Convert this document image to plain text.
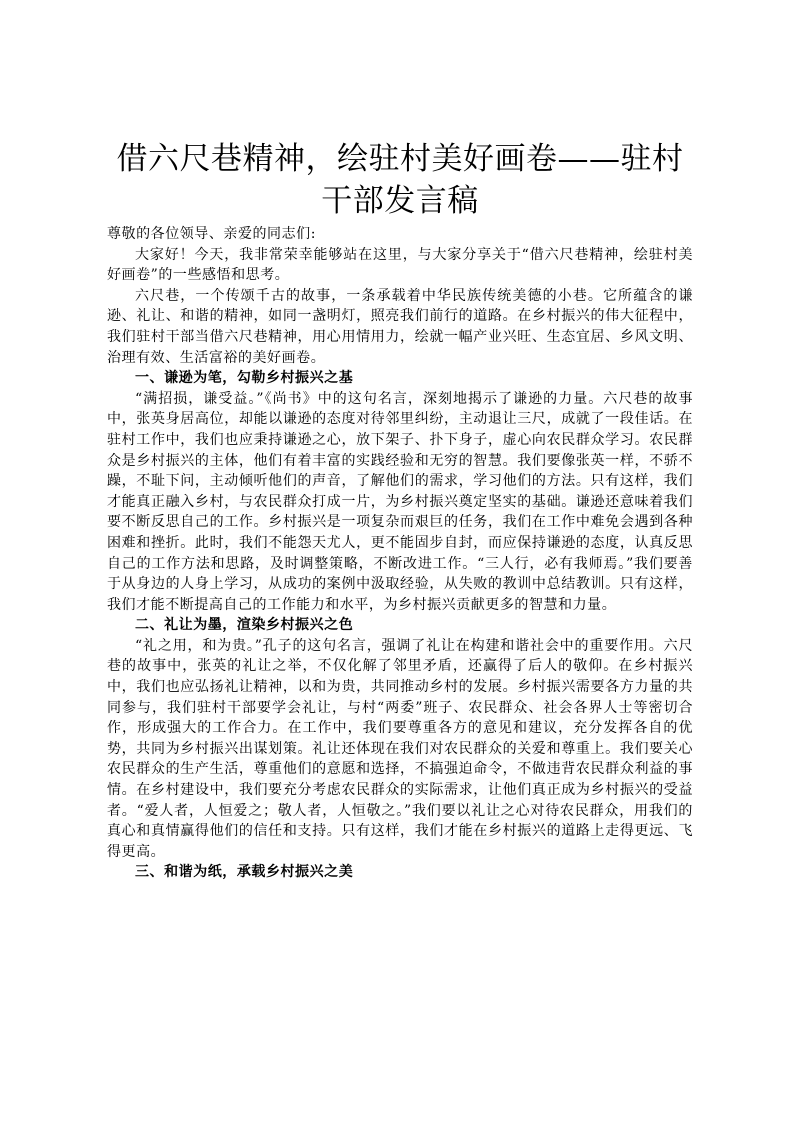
借六尺巷精神，绘驻村美好画卷——驻村干部发言稿

尊敬的各位领导、亲爱的同志们:

大家好！今天，我非常荣幸能够站在这里，与大家分享关于“借六尺巷精神，绘驻村美好画卷”的一些感悟和思考。

六尺巷，一个传颂千古的故事，一条承载着中华民族传统美德的小巷。它所蕴含的谦逊、礼让、和谐的精神，如同一盏明灯，照亮我们前行的道路。在乡村振兴的伟大征程中，我们驻村干部当借六尺巷精神，用心用情用力，绘就一幅产业兴旺、生态宜居、乡风文明、治理有效、生活富裕的美好画卷。

一、谦逊为笔，勾勒乡村振兴之基

“满招损，谦受益。”《尚书》中的这句名言，深刻地揭示了谦逊的力量。六尺巷的故事中，张英身居高位，却能以谦逊的态度对待邻里纠纷，主动退让三尺，成就了一段佳话。在驻村工作中，我们也应秉持谦逊之心，放下架子、扑下身子，虚心向农民群众学习。农民群众是乡村振兴的主体，他们有着丰富的实践经验和无穷的智慧。我们要像张英一样，不骄不躁，不耻下问，主动倾听他们的声音，了解他们的需求，学习他们的方法。只有这样，我们才能真正融入乡村，与农民群众打成一片，为乡村振兴奠定坚实的基础。谦逊还意味着我们要不断反思自己的工作。乡村振兴是一项复杂而艰巨的任务，我们在工作中难免会遇到各种困难和挫折。此时，我们不能怨天尤人，更不能固步自封，而应保持谦逊的态度，认真反思自己的工作方法和思路，及时调整策略，不断改进工作。“三人行，必有我师焉。”我们要善于从身边的人身上学习，从成功的案例中汲取经验，从失败的教训中总结教训。只有这样，我们才能不断提高自己的工作能力和水平，为乡村振兴贡献更多的智慧和力量。

二、礼让为墨，渲染乡村振兴之色

“礼之用，和为贵。”孔子的这句名言，强调了礼让在构建和谐社会中的重要作用。六尺巷的故事中，张英的礼让之举，不仅化解了邻里矛盾，还赢得了后人的敬仰。在乡村振兴中，我们也应弘扬礼让精神，以和为贵，共同推动乡村的发展。乡村振兴需要各方力量的共同参与，我们驻村干部要学会礼让，与村“两委”班子、农民群众、社会各界人士等密切合作，形成强大的工作合力。在工作中，我们要尊重各方的意见和建议，充分发挥各自的优势，共同为乡村振兴出谋划策。礼让还体现在我们对农民群众的关爱和尊重上。我们要关心农民群众的生产生活，尊重他们的意愿和选择，不搞强迫命令，不做违背农民群众利益的事情。在乡村建设中，我们要充分考虑农民群众的实际需求，让他们真正成为乡村振兴的受益者。“爱人者，人恒爱之；敬人者，人恒敬之。”我们要以礼让之心对待农民群众，用我们的真心和真情赢得他们的信任和支持。只有这样，我们才能在乡村振兴的道路上走得更远、飞得更高。

三、和谐为纸，承载乡村振兴之美
